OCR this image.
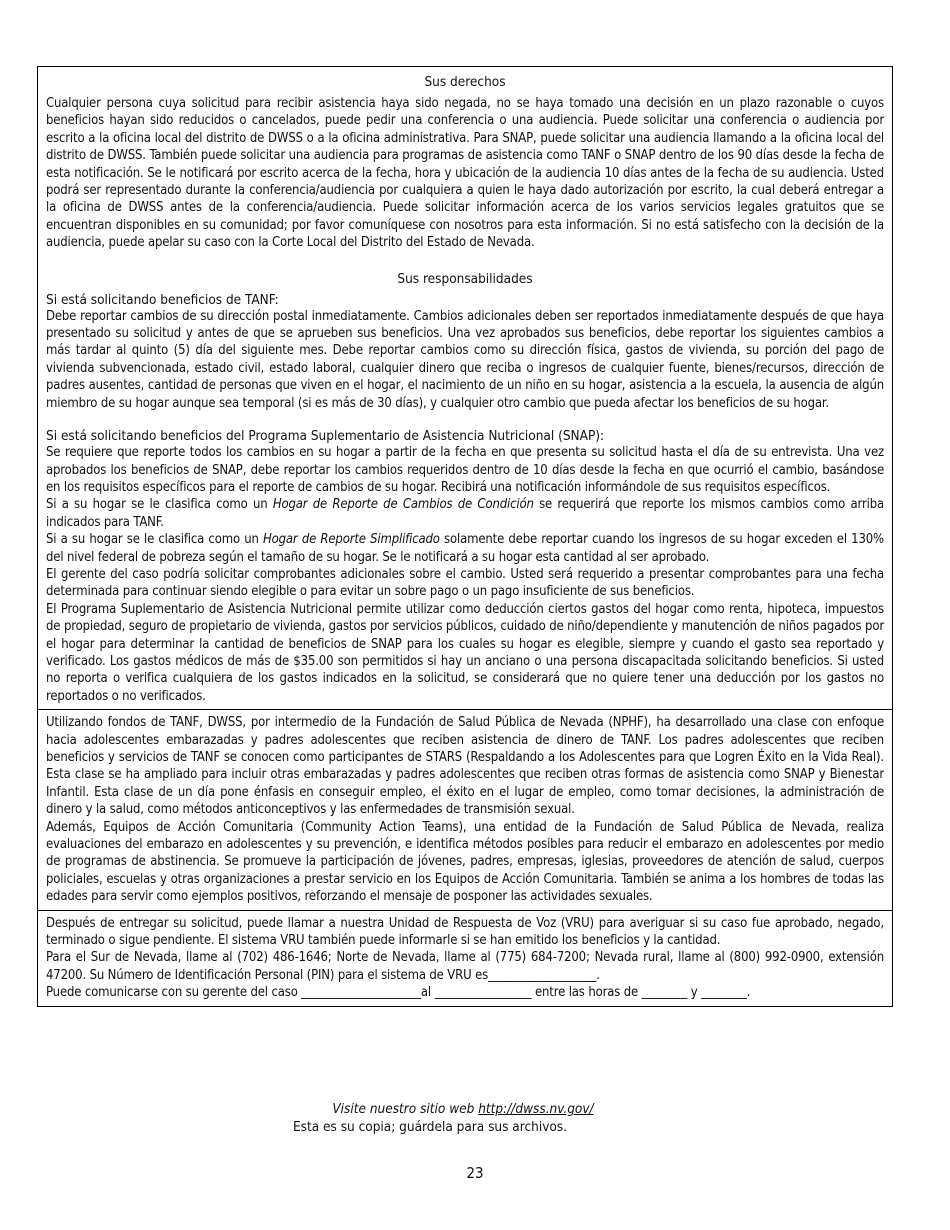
Sus derechos

Cualquier persona cuya solicitud para recibir asistencia haya sido negada, no se haya tomado una decisión en un plazo razonable o cuyos beneficios hayan sido reducidos o cancelados, puede pedir una conferencia o una audiencia. Puede solicitar una conferencia o audiencia por escrito a la oficina local del distrito de DWSS o a la oficina administrativa. Para SNAP, puede solicitar una audiencia llamando a la oficina local del distrito de DWSS. También puede solicitar una audiencia para programas de asistencia como TANF o SNAP dentro de los 90 días desde la fecha de esta notificación. Se le notificará por escrito acerca de la fecha, hora y ubicación de la audiencia 10 días antes de la fecha de su audiencia. Usted podrá ser representado durante la conferencia/audiencia por cualquiera a quien le haya dado autorización por escrito, la cual deberá entregar a la oficina de DWSS antes de la conferencia/audiencia. Puede solicitar información acerca de los varios servicios legales gratuitos que se encuentran disponibles en su comunidad; por favor comuníquese con nosotros para esta información. Si no está satisfecho con la decisión de la audiencia, puede apelar su caso con la Corte Local del Distrito del Estado de Nevada.

Sus responsabilidades
Si está solicitando beneficios de TANF:

Debe reportar cambios de su dirección postal inmediatamente. Cambios adicionales deben ser reportados inmediatamente después de que haya presentado su solicitud y antes de que se aprueben sus beneficios. Una vez aprobados sus beneficios, debe reportar los siguientes cambios a más tardar al quinto (5) día del siguiente mes. Debe reportar cambios como su dirección física, gastos de vivienda, su porción del pago de vivienda subvencionada, estado civil, estado laboral, cualquier dinero que reciba o ingresos de cualquier fuente, bienes/recursos, dirección de padres ausentes, cantidad de personas que viven en el hogar, el nacimiento de un niño en su hogar, asistencia a la escuela, la ausencia de algún miembro de su hogar aunque sea temporal (si es más de 30 días), y cualquier otro cambio que pueda afectar los beneficios de su hogar.

Si está solicitando beneficios del Programa Suplementario de Asistencia Nutricional (SNAP):

Se requiere que reporte todos los cambios en su hogar a partir de la fecha en que presenta su solicitud hasta el día de su entrevista. Una vez aprobados los beneficios de SNAP, debe reportar los cambios requeridos dentro de 10 días desde la fecha en que ocurrió el cambio, basándose en los requisitos específicos para el reporte de cambios de su hogar. Recibirá una notificación informándole de sus requisitos específicos.

Si a su hogar se le clasifica como un Hogar de Reporte de Cambios de Condición se requerirá que reporte los mismos cambios como arriba indicados para TANF.

Si a su hogar se le clasifica como un Hogar de Reporte Simplificado solamente debe reportar cuando los ingresos de su hogar exceden el 130% del nivel federal de pobreza según el tamaño de su hogar. Se le notificará a su hogar esta cantidad al ser aprobado.

El gerente del caso podría solicitar comprobantes adicionales sobre el cambio. Usted será requerido a presentar comprobantes para una fecha determinada para continuar siendo elegible o para evitar un sobre pago o un pago insuficiente de sus beneficios.

El Programa Suplementario de Asistencia Nutricional permite utilizar como deducción ciertos gastos del hogar como renta, hipoteca, impuestos de propiedad, seguro de propietario de vivienda, gastos por servicios públicos, cuidado de niño/dependiente y manutención de niños pagados por el hogar para determinar la cantidad de beneficios de SNAP para los cuales su hogar es elegible, siempre y cuando el gasto sea reportado y verificado. Los gastos médicos de más de $35.00 son permitidos si hay un anciano o una persona discapacitada solicitando beneficios. Si usted no reporta o verifica cualquiera de los gastos indicados en la solicitud, se considerará que no quiere tener una deducción por los gastos no reportados o no verificados.

Utilizando fondos de TANF, DWSS, por intermedio de la Fundación de Salud Pública de Nevada (NPHF), ha desarrollado una clase con enfoque hacia adolescentes embarazadas y padres adolescentes que reciben asistencia de dinero de TANF. Los padres adolescentes que reciben beneficios y servicios de TANF se conocen como participantes de STARS (Respaldando a los Adolescentes para que Logren Éxito en la Vida Real). Esta clase se ha ampliado para incluir otras embarazadas y padres adolescentes que reciben otras formas de asistencia como SNAP y Bienestar Infantil. Esta clase de un día pone énfasis en conseguir empleo, el éxito en el lugar de empleo, como tomar decisiones, la administración de dinero y la salud, como métodos anticonceptivos y las enfermedades de transmisión sexual.

Además, Equipos de Acción Comunitaria (Community Action Teams), una entidad de la Fundación de Salud Pública de Nevada, realiza evaluaciones del embarazo en adolescentes y su prevención, e identifica métodos posibles para reducir el embarazo en adolescentes por medio de programas de abstinencia. Se promueve la participación de jóvenes, padres, empresas, iglesias, proveedores de atención de salud, cuerpos policiales, escuelas y otras organizaciones a prestar servicio en los Equipos de Acción Comunitaria. También se anima a los hombres de todas las edades para servir como ejemplos positivos, reforzando el mensaje de posponer las actividades sexuales.

Después de entregar su solicitud, puede llamar a nuestra Unidad de Respuesta de Voz (VRU) para averiguar si su caso fue aprobado, negado, terminado o sigue pendiente. El sistema VRU también puede informarle si se han emitido los beneficios y la cantidad.

Para el Sur de Nevada, llame al (702) 486-1646; Norte de Nevada, llame al (775) 684-7200; Nevada rural, llame al (800) 992-0900, extensión 47200. Su Número de Identificación Personal (PIN) para el sistema de VRU es___________________.

Puede comunicarse con su gerente del caso _____________________al _________________ entre las horas de ________ y ________.

Visite nuestro sitio web http://dwss.nv.gov/
Esta es su copia; guárdela para sus archivos.
23
